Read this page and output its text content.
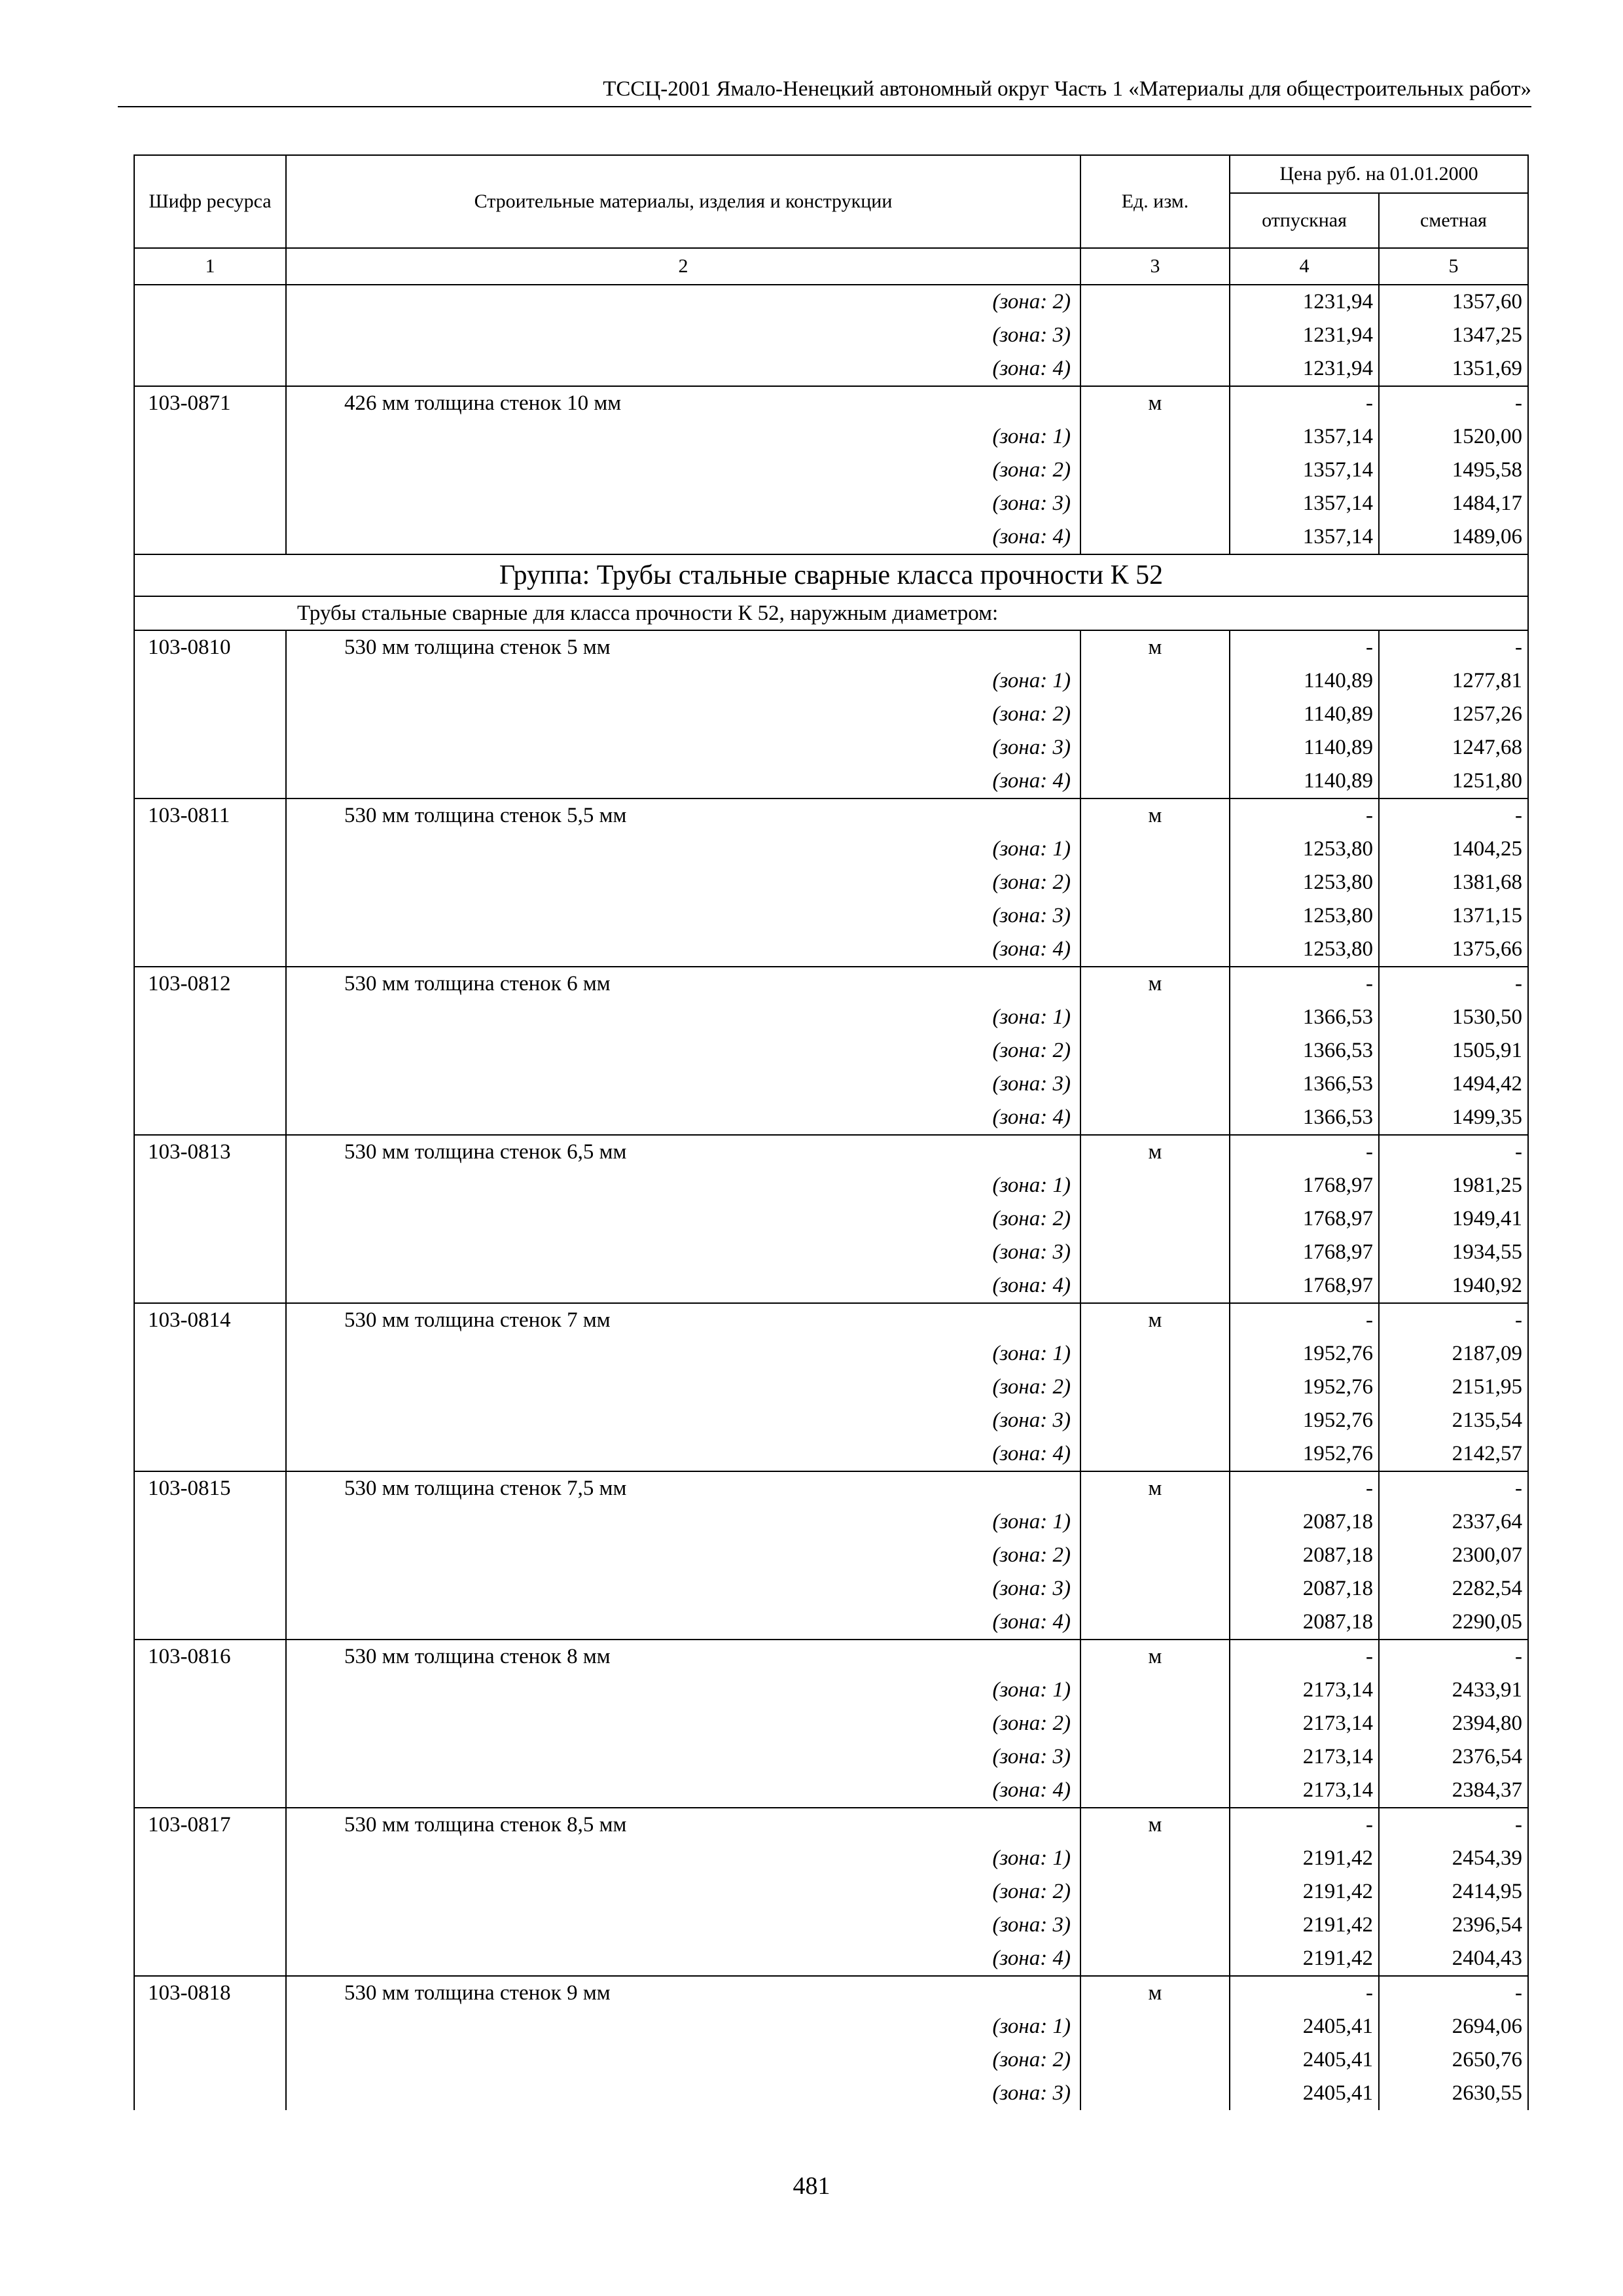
ТССЦ-2001 Ямало-Ненецкий автономный округ Часть 1 «Материалы для общестроительных работ»
Шифр ресурса	Строительные материалы, изделия и конструкции	Ед. изм.	Цена руб. на 01.01.2000	
			отпускная	сметная
1	2	3	4	5
	(зона: 2)		1231,94	1357,60
	(зона: 3)		1231,94	1347,25
	(зона: 4)		1231,94	1351,69
103-0871	426 мм толщина стенок 10 мм	м	-	-
	(зона: 1)		1357,14	1520,00
	(зона: 2)		1357,14	1495,58
	(зона: 3)		1357,14	1484,17
	(зона: 4)		1357,14	1489,06
Группа: Трубы стальные сварные класса прочности К 52				
Трубы стальные сварные для класса прочности К 52, наружным диаметром:				
103-0810	530 мм толщина стенок 5 мм	м	-	-
	(зона: 1)		1140,89	1277,81
	(зона: 2)		1140,89	1257,26
	(зона: 3)		1140,89	1247,68
	(зона: 4)		1140,89	1251,80
103-0811	530 мм толщина стенок 5,5 мм	м	-	-
	(зона: 1)		1253,80	1404,25
	(зона: 2)		1253,80	1381,68
	(зона: 3)		1253,80	1371,15
	(зона: 4)		1253,80	1375,66
103-0812	530 мм толщина стенок 6 мм	м	-	-
	(зона: 1)		1366,53	1530,50
	(зона: 2)		1366,53	1505,91
	(зона: 3)		1366,53	1494,42
	(зона: 4)		1366,53	1499,35
103-0813	530 мм толщина стенок 6,5 мм	м	-	-
	(зона: 1)		1768,97	1981,25
	(зона: 2)		1768,97	1949,41
	(зона: 3)		1768,97	1934,55
	(зона: 4)		1768,97	1940,92
103-0814	530 мм толщина стенок 7 мм	м	-	-
	(зона: 1)		1952,76	2187,09
	(зона: 2)		1952,76	2151,95
	(зона: 3)		1952,76	2135,54
	(зона: 4)		1952,76	2142,57
103-0815	530 мм толщина стенок 7,5 мм	м	-	-
	(зона: 1)		2087,18	2337,64
	(зона: 2)		2087,18	2300,07
	(зона: 3)		2087,18	2282,54
	(зона: 4)		2087,18	2290,05
103-0816	530 мм толщина стенок 8 мм	м	-	-
	(зона: 1)		2173,14	2433,91
	(зона: 2)		2173,14	2394,80
	(зона: 3)		2173,14	2376,54
	(зона: 4)		2173,14	2384,37
103-0817	530 мм толщина стенок 8,5 мм	м	-	-
	(зона: 1)		2191,42	2454,39
	(зона: 2)		2191,42	2414,95
	(зона: 3)		2191,42	2396,54
	(зона: 4)		2191,42	2404,43
103-0818	530 мм толщина стенок 9 мм	м	-	-
	(зона: 1)		2405,41	2694,06
	(зона: 2)		2405,41	2650,76
	(зона: 3)		2405,41	2630,55
481
